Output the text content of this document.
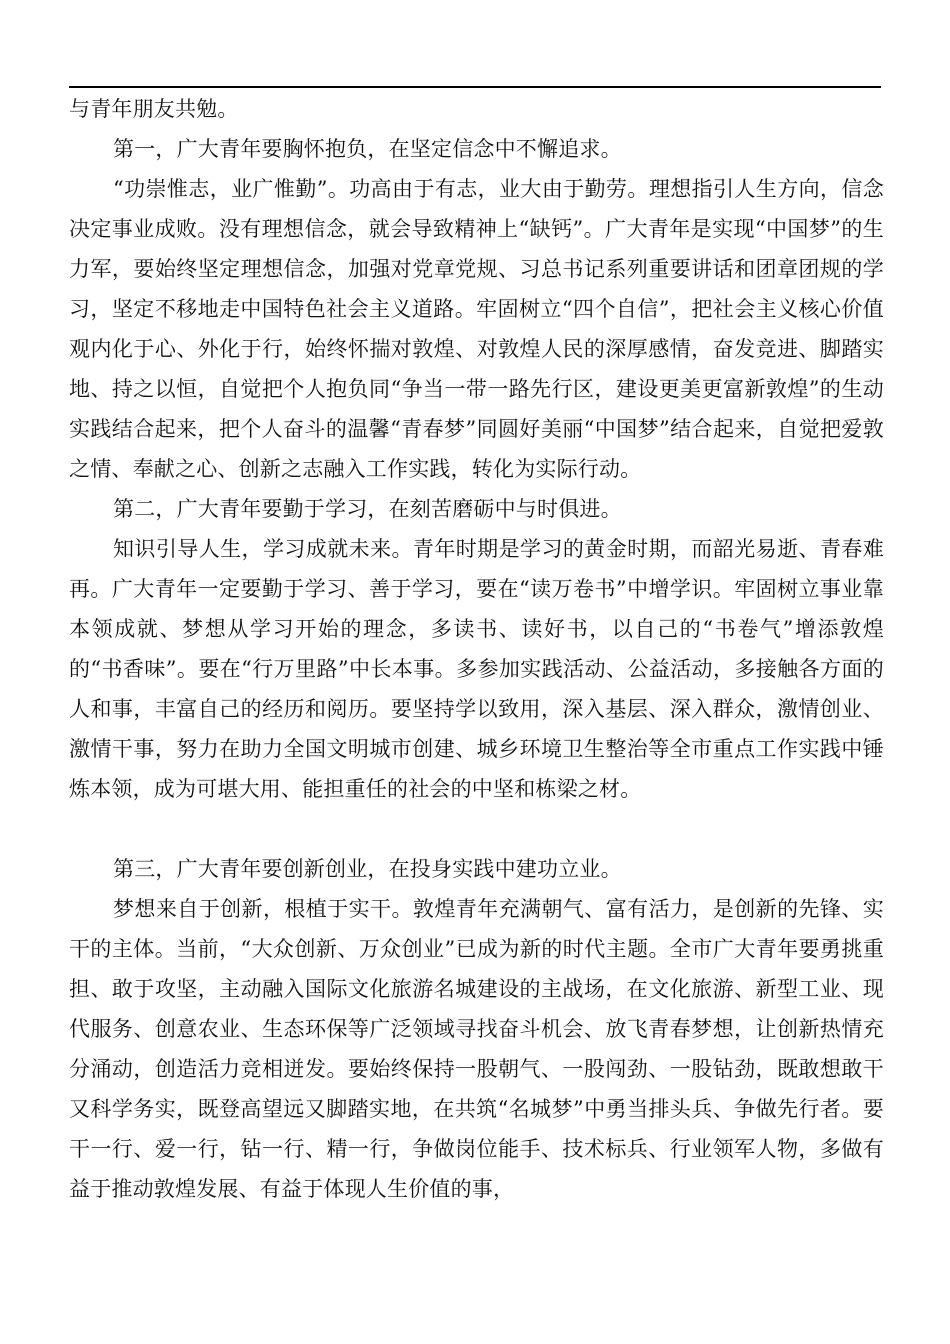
与青年朋友共勉。

第一，广大青年要胸怀抱负，在坚定信念中不懈追求。

“功崇惟志，业广惟勤”。功高由于有志，业大由于勤劳。理想指引人生方向，信念决定事业成败。没有理想信念，就会导致精神上“缺钙”。广大青年是实现“中国梦”的生力军，要始终坚定理想信念，加强对党章党规、习总书记系列重要讲话和团章团规的学习，坚定不移地走中国特色社会主义道路。牢固树立“四个自信”，把社会主义核心价值观内化于心、外化于行，始终怀揣对敦煌、对敦煌人民的深厚感情，奋发竞进、脚踏实地、持之以恒，自觉把个人抱负同“争当一带一路先行区，建设更美更富新敦煌”的生动实践结合起来，把个人奋斗的温馨“青春梦”同圆好美丽“中国梦”结合起来，自觉把爱敦之情、奉献之心、创新之志融入工作实践，转化为实际行动。

第二，广大青年要勤于学习，在刻苦磨砺中与时俱进。

知识引导人生，学习成就未来。青年时期是学习的黄金时期，而韶光易逝、青春难再。广大青年一定要勤于学习、善于学习，要在“读万卷书”中增学识。牢固树立事业靠本领成就、梦想从学习开始的理念，多读书、读好书，以自己的“书卷气”增添敦煌的“书香味”。要在“行万里路”中长本事。多参加实践活动、公益活动，多接触各方面的人和事，丰富自己的经历和阅历。要坚持学以致用，深入基层、深入群众，激情创业、激情干事，努力在助力全国文明城市创建、城乡环境卫生整治等全市重点工作实践中锤炼本领，成为可堪大用、能担重任的社会的中坚和栋梁之材。

第三，广大青年要创新创业，在投身实践中建功立业。

梦想来自于创新，根植于实干。敦煌青年充满朝气、富有活力，是创新的先锋、实干的主体。当前，“大众创新、万众创业”已成为新的时代主题。全市广大青年要勇挑重担、敢于攻坚，主动融入国际文化旅游名城建设的主战场，在文化旅游、新型工业、现代服务、创意农业、生态环保等广泛领域寻找奋斗机会、放飞青春梦想，让创新热情充分涌动，创造活力竞相迸发。要始终保持一股朝气、一股闯劲、一股钻劲，既敢想敢干又科学务实，既登高望远又脚踏实地，在共筑“名城梦”中勇当排头兵、争做先行者。要干一行、爱一行，钻一行、精一行，争做岗位能手、技术标兵、行业领军人物，多做有益于推动敦煌发展、有益于体现人生价值的事，
